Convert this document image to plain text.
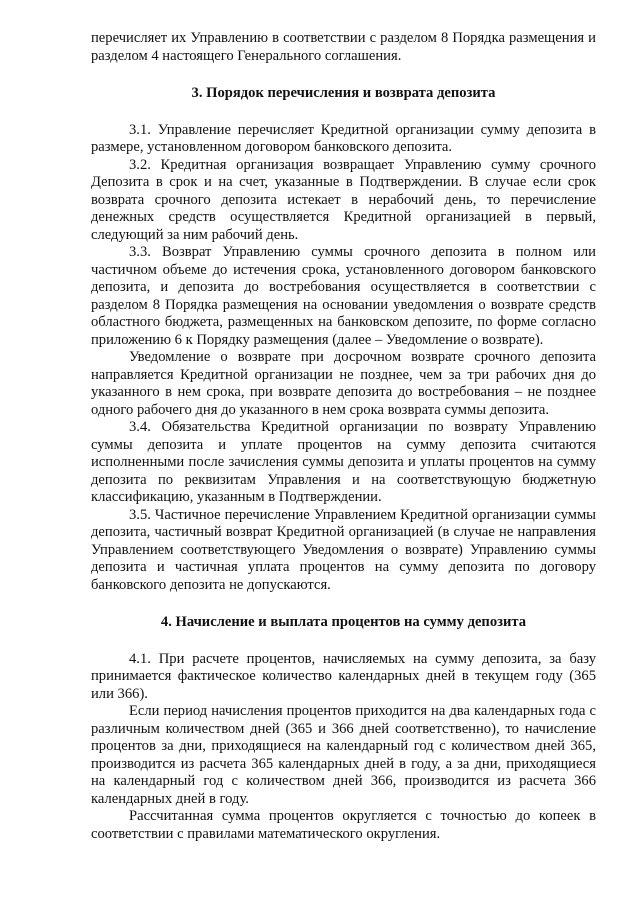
перечисляет их Управлению в соответствии с разделом 8 Порядка размещения и разделом 4 настоящего Генерального соглашения.

3. Порядок перечисления и возврата депозита

3.1. Управление перечисляет Кредитной организации сумму депозита в размере, установленном договором банковского депозита.

3.2. Кредитная организация возвращает Управлению сумму срочного Депозита в срок и на счет, указанные в Подтверждении. В случае если срок возврата срочного депозита истекает в нерабочий день, то перечисление денежных средств осуществляется Кредитной организацией в первый, следующий за ним рабочий день.

3.3. Возврат Управлению суммы срочного депозита в полном или частичном объеме до истечения срока, установленного договором банковского депозита, и депозита до востребования осуществляется в соответствии с разделом 8 Порядка размещения на основании уведомления о возврате средств областного бюджета, размещенных на банковском депозите, по форме согласно приложению 6 к Порядку размещения (далее – Уведомление о возврате).

Уведомление о возврате при досрочном возврате срочного депозита направляется Кредитной организации не позднее, чем за три рабочих дня до указанного в нем срока, при возврате депозита до востребования – не позднее одного рабочего дня до указанного в нем срока возврата суммы депозита.

3.4. Обязательства Кредитной организации по возврату Управлению суммы депозита и уплате процентов на сумму депозита считаются исполненными после зачисления суммы депозита и уплаты процентов на сумму депозита по реквизитам Управления и на соответствующую бюджетную классификацию, указанным в Подтверждении.

3.5. Частичное перечисление Управлением Кредитной организации суммы депозита, частичный возврат Кредитной организацией (в случае не направления Управлением соответствующего Уведомления о возврате) Управлению суммы депозита и частичная уплата процентов на сумму депозита по договору банковского депозита не допускаются.

4. Начисление и выплата процентов на сумму депозита

4.1. При расчете процентов, начисляемых на сумму депозита, за базу принимается фактическое количество календарных дней в текущем году (365 или 366).

Если период начисления процентов приходится на два календарных года с различным количеством дней (365 и 366 дней соответственно), то начисление процентов за дни, приходящиеся на календарный год с количеством дней 365, производится из расчета 365 календарных дней в году, а за дни, приходящиеся на календарный год с количеством дней 366, производится из расчета 366 календарных дней в году.

Рассчитанная сумма процентов округляется с точностью до копеек в соответствии с правилами математического округления.
